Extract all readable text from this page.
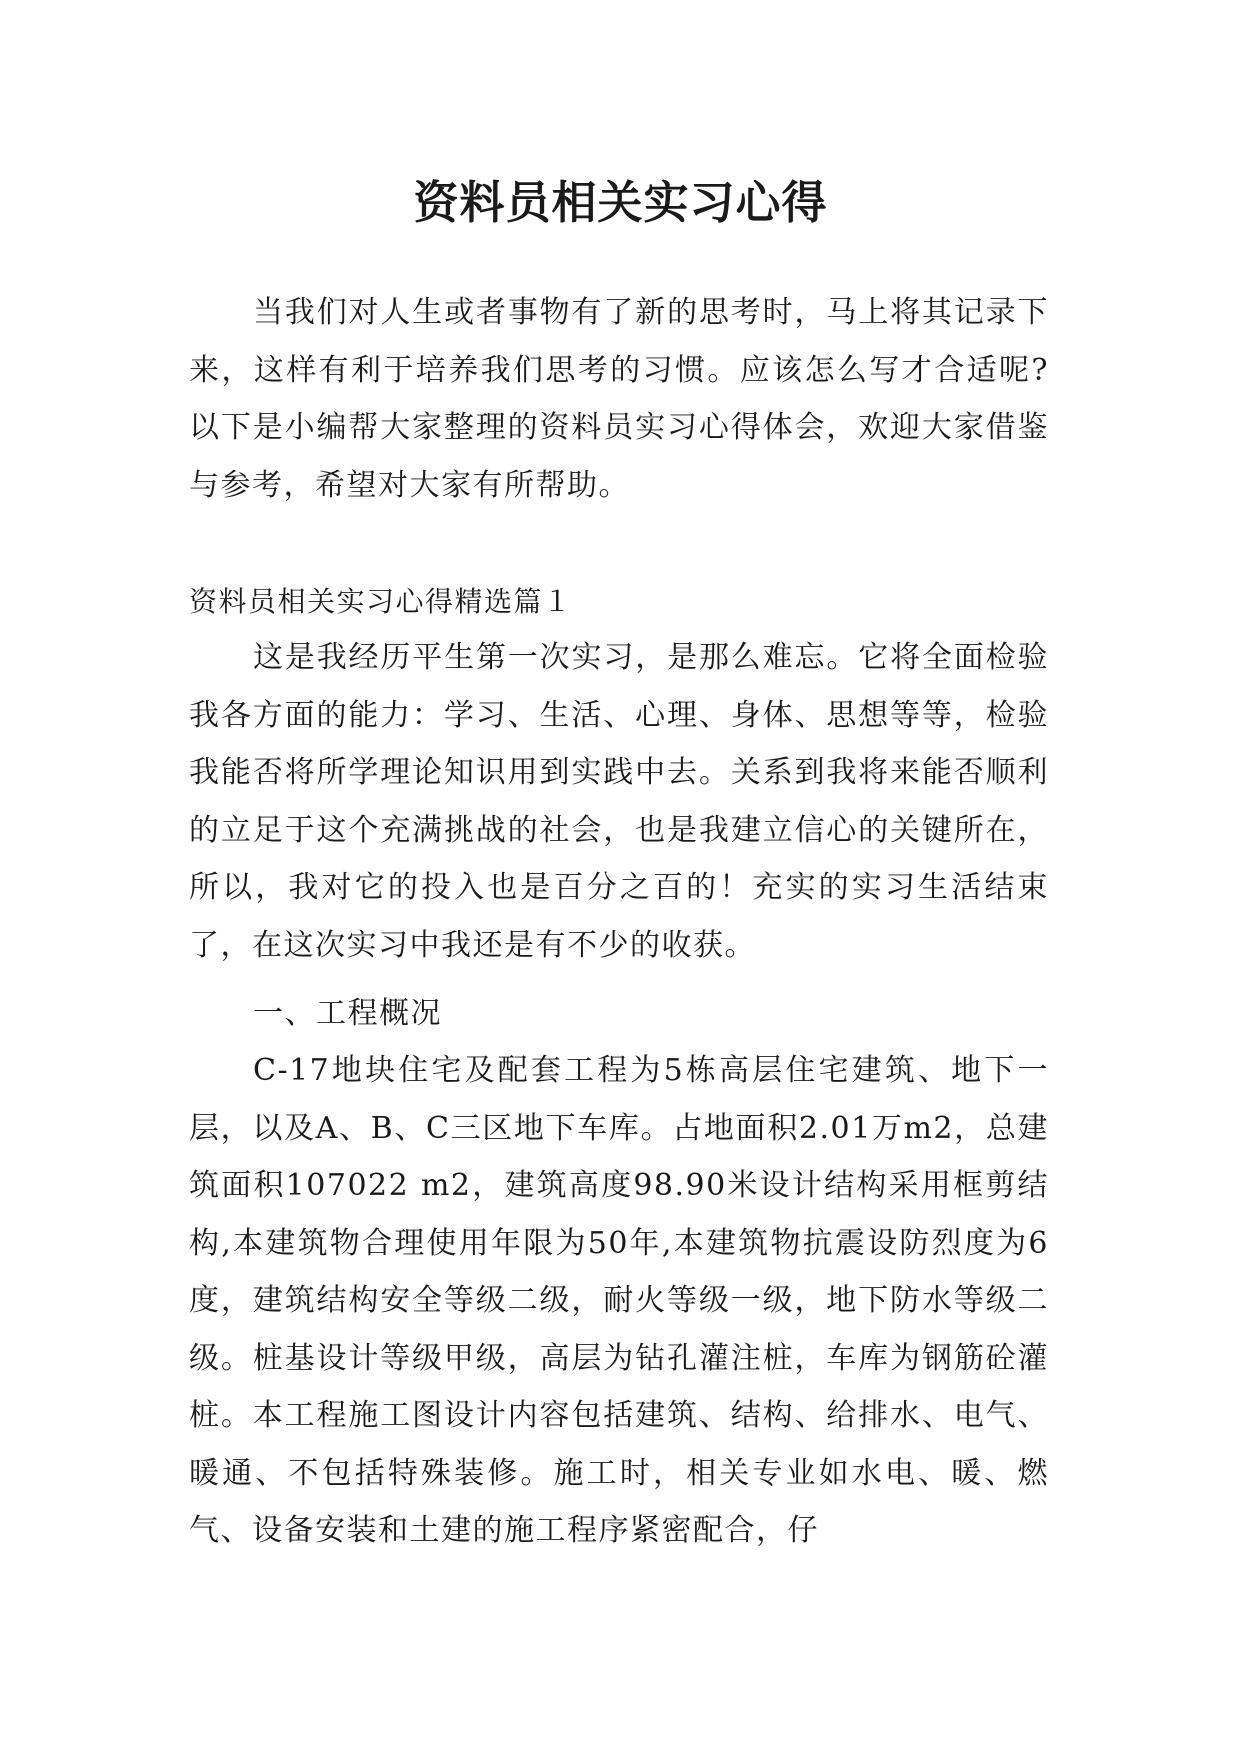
资料员相关实习心得

当我们对人生或者事物有了新的思考时，马上将其记录下来，这样有利于培养我们思考的习惯。应该怎么写才合适呢?以下是小编帮大家整理的资料员实习心得体会，欢迎大家借鉴与参考，希望对大家有所帮助。

资料员相关实习心得精选篇１

这是我经历平生第一次实习，是那么难忘。它将全面检验我各方面的能力：学习、生活、心理、身体、思想等等，检验我能否将所学理论知识用到实践中去。关系到我将来能否顺利的立足于这个充满挑战的社会，也是我建立信心的关键所在，所以，我对它的投入也是百分之百的！充实的实习生活结束了，在这次实习中我还是有不少的收获。

一、工程概况

C-17地块住宅及配套工程为5栋高层住宅建筑、地下一层，以及A、B、C三区地下车库。占地面积2.01万m2，总建筑面积107022 m2，建筑高度98.90米设计结构采用框剪结构,本建筑物合理使用年限为50年,本建筑物抗震设防烈度为6度，建筑结构安全等级二级，耐火等级一级，地下防水等级二级。桩基设计等级甲级，高层为钻孔灌注桩，车库为钢筋砼灌桩。本工程施工图设计内容包括建筑、结构、给排水、电气、暖通、不包括特殊装修。施工时，相关专业如水电、暖、燃气、设备安装和土建的施工程序紧密配合，仔
